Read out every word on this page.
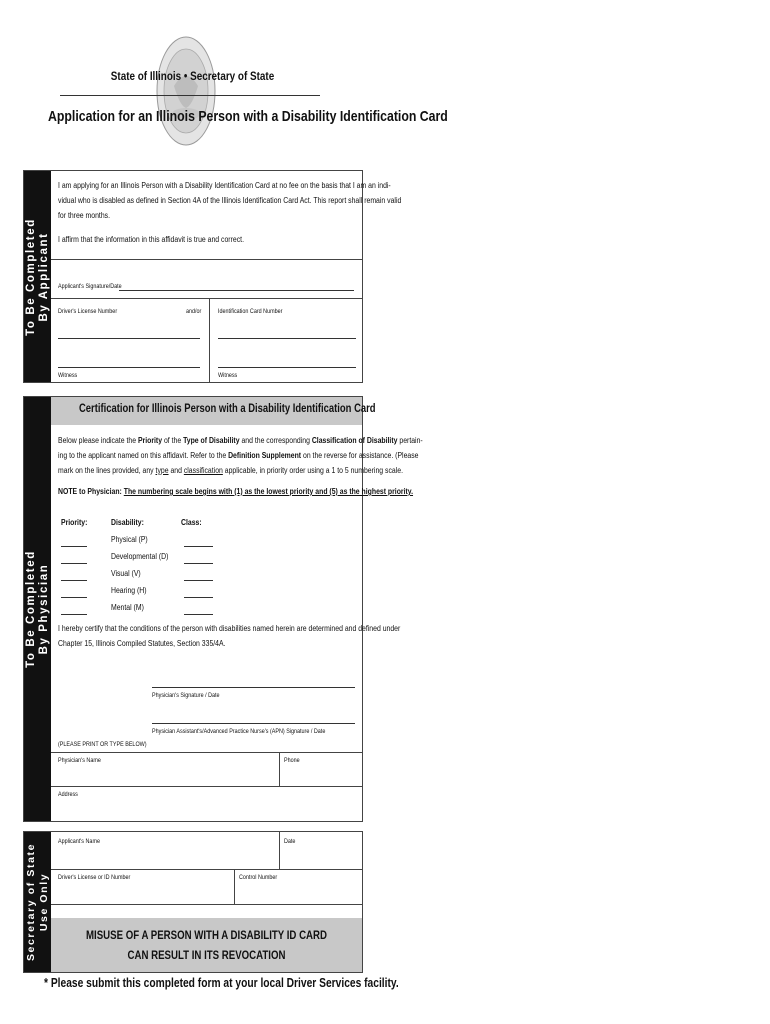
State of Illinois • Secretary of State
Application for an Illinois Person with a Disability Identification Card
To Be Completed
By Applicant
I am applying for an Illinois Person with a Disability Identification Card at no fee on the basis that I am an indi-
vidual who is disabled as defined in Section 4A of the Illinois Identification Card Act. This report shall remain valid
for three months.
I affirm that the information in this affidavit is true and correct.
Applicant's Signature/Date
Driver's License Number	and/or	Identification Card Number
Witness	Witness
To Be Completed
By Physician
Certification for Illinois Person with a Disability Identification Card
Below please indicate the Priority of the Type of Disability and the corresponding Classification of Disability pertain-
ing to the applicant named on this affidavit. Refer to the Definition Supplement on the reverse for assistance. (Please
mark on the lines provided, any type and classification applicable, in priority order using a 1 to 5 numbering scale.
NOTE to Physician: The numbering scale begins with (1) as the lowest priority and (5) as the highest priority.
Priority:	Disability:	Class:
Physical (P)
Developmental (D)
Visual (V)
Hearing (H)
Mental (M)
I hereby certify that the conditions of the person with disabilities named herein are determined and defined under
Chapter 15, Illinois Compiled Statutes, Section 335/4A.
Physician's Signature / Date
Physician Assistant's/Advanced Practice Nurse's (APN) Signature / Date
(PLEASE PRINT OR TYPE BELOW)
Physician's Name	Phone
Address
Secretary of State
Use Only
Applicant's Name	Date
Driver's License or ID Number	Control Number
MISUSE OF A PERSON WITH A DISABILITY ID CARD
CAN RESULT IN ITS REVOCATION
* Please submit this completed form at your local Driver Services facility.
